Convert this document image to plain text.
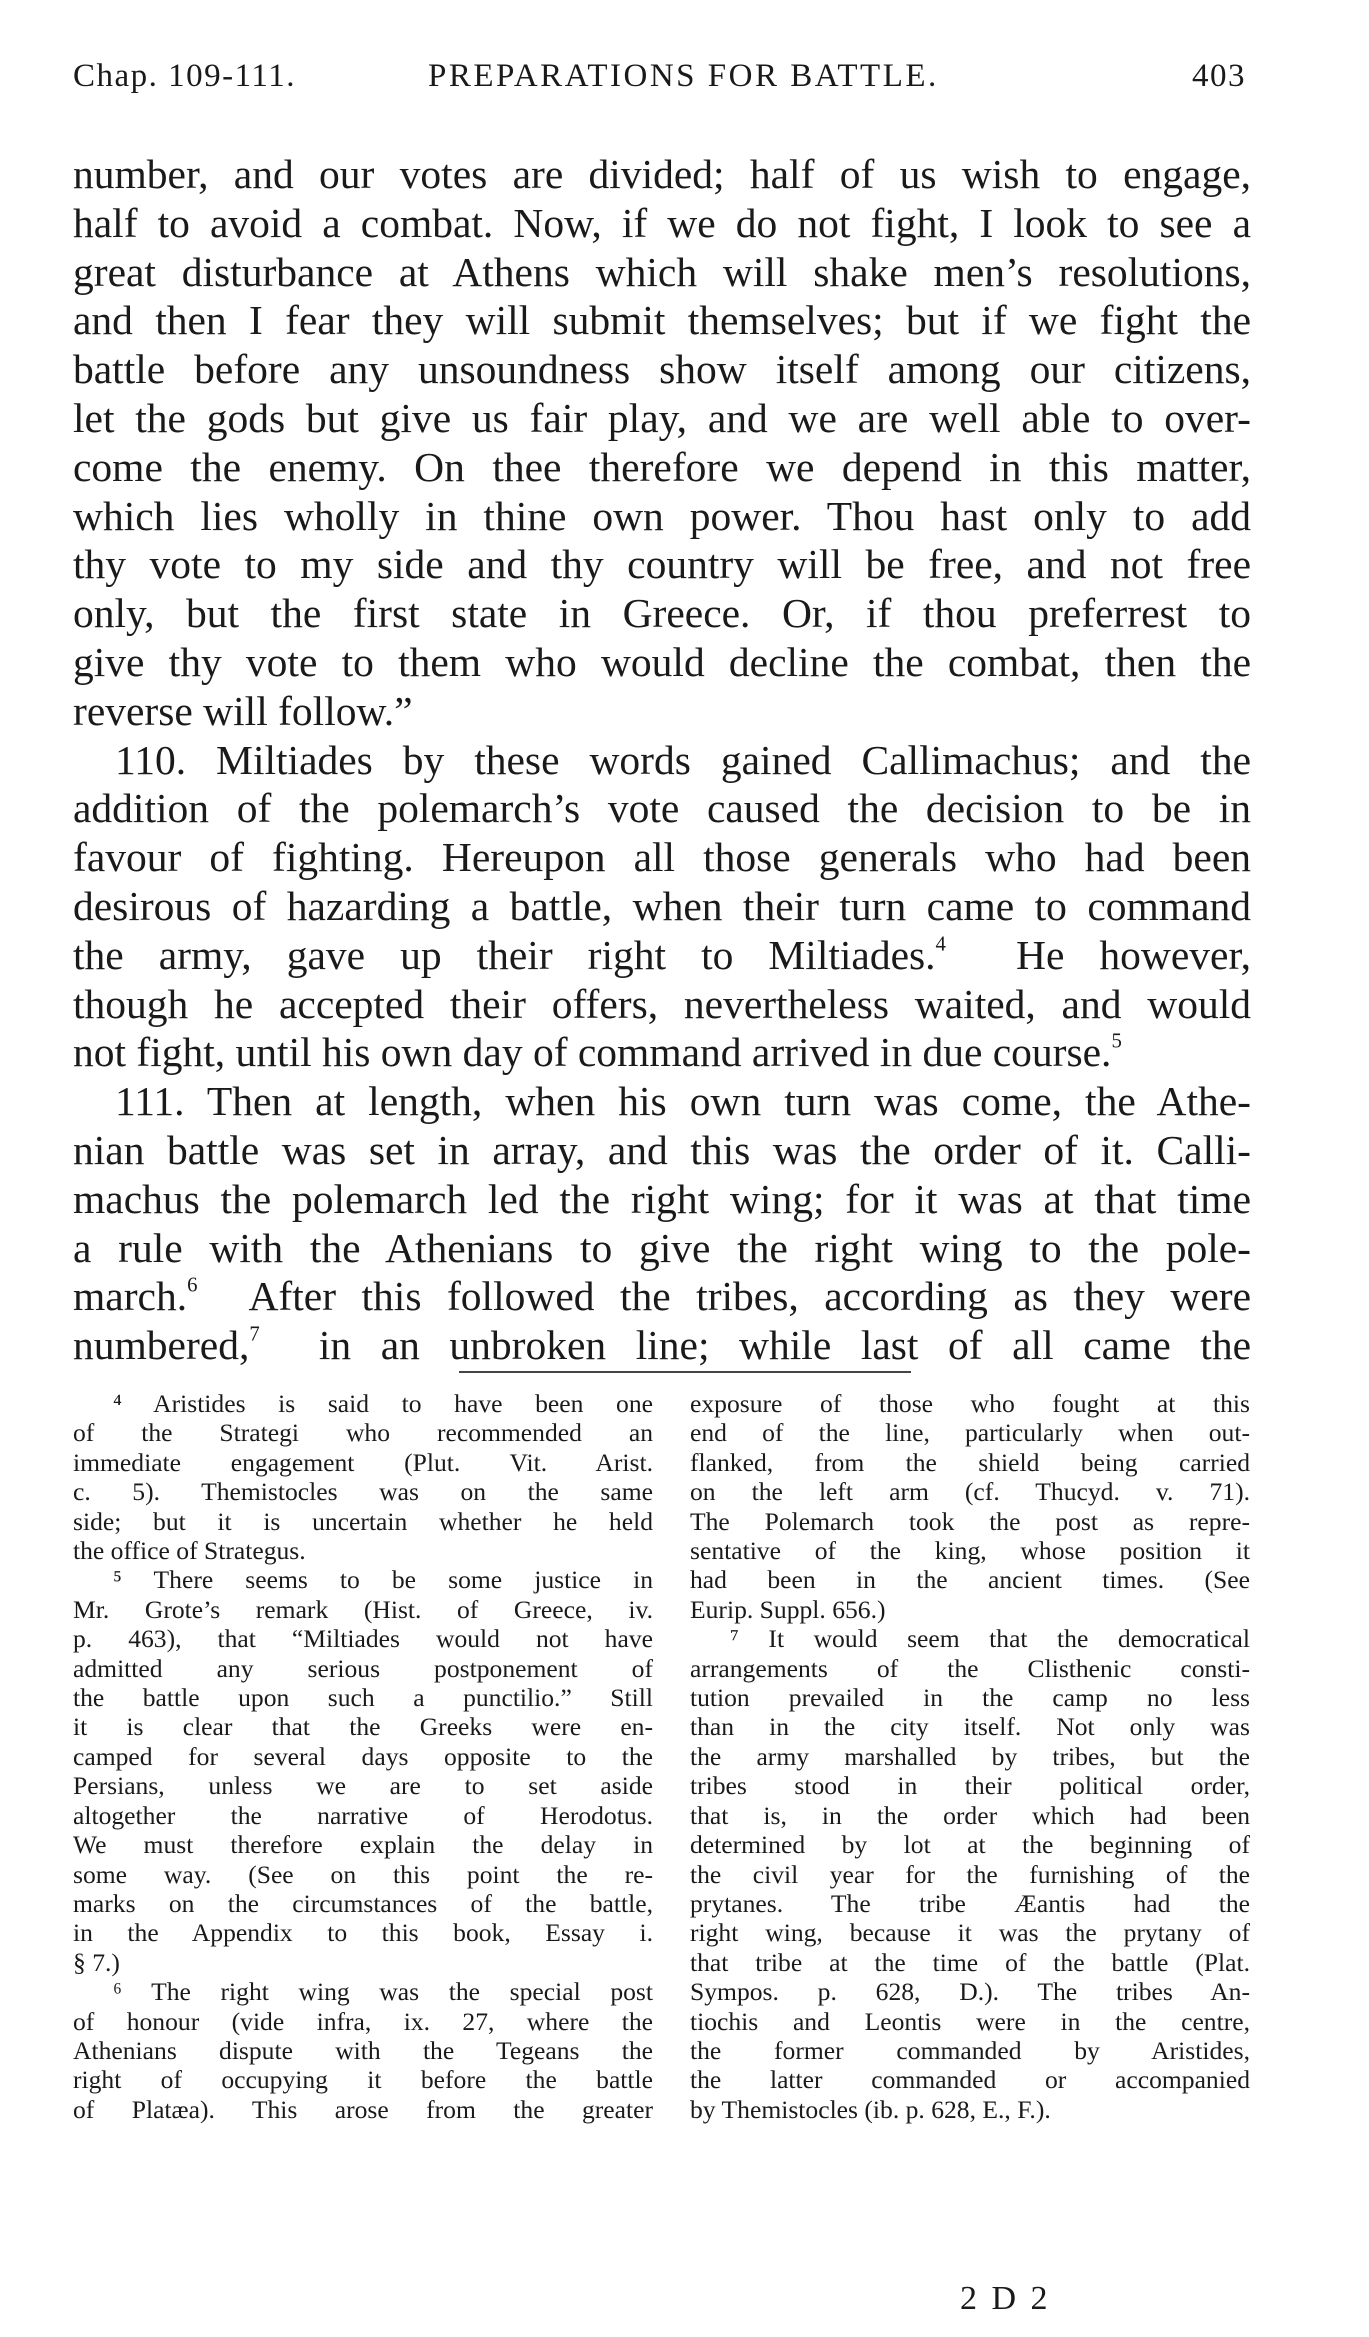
Chap. 109-111.	PREPARATIONS FOR BATTLE.	403

number, and our votes are divided; half of us wish to engage,

half to avoid a combat. Now, if we do not fight, I look to see a

great disturbance at Athens which will shake men’s resolutions,

and then I fear they will submit themselves; but if we fight the

battle before any unsoundness show itself among our citizens,

let the gods but give us fair play, and we are well able to over-

come the enemy. On thee therefore we depend in this matter,

which lies wholly in thine own power. Thou hast only to add

thy vote to my side and thy country will be free, and not free

only, but the first state in Greece. Or, if thou preferrest to

give thy vote to them who would decline the combat, then the

reverse will follow.”

110. Miltiades by these words gained Callimachus; and the

addition of the polemarch’s vote caused the decision to be in

favour of fighting. Hereupon all those generals who had been

desirous of hazarding a battle, when their turn came to command

the army, gave up their right to Miltiades.$^4$ He however,

though he accepted their offers, nevertheless waited, and would

not fight, until his own day of command arrived in due course.$^5$

111. Then at length, when his own turn was come, the Athe-

nian battle was set in array, and this was the order of it. Calli-

machus the polemarch led the right wing; for it was at that time

a rule with the Athenians to give the right wing to the pole-

march.$^6$ After this followed the tribes, according as they were

numbered,$^7$ in an unbroken line; while last of all came the

⁴ Aristides is said to have been one

of the Strategi who recommended an

immediate engagement (Plut. Vit. Arist.

c. 5). Themistocles was on the same

side; but it is uncertain whether he held

the office of Strategus.

⁵ There seems to be some justice in

Mr. Grote’s remark (Hist. of Greece, iv.

p. 463), that “Miltiades would not have

admitted any serious postponement of

the battle upon such a punctilio.” Still

it is clear that the Greeks were en-

camped for several days opposite to the

Persians, unless we are to set aside

altogether the narrative of Herodotus.

We must therefore explain the delay in

some way. (See on this point the re-

marks on the circumstances of the battle,

in the Appendix to this book, Essay i.

§ 7.)

⁶ The right wing was the special post

of honour (vide infra, ix. 27, where the

Athenians dispute with the Tegeans the

right of occupying it before the battle

of Platæa). This arose from the greater

exposure of those who fought at this

end of the line, particularly when out-

flanked, from the shield being carried

on the left arm (cf. Thucyd. v. 71).

The Polemarch took the post as repre-

sentative of the king, whose position it

had been in the ancient times. (See

Eurip. Suppl. 656.)

⁷ It would seem that the democratical

arrangements of the Clisthenic consti-

tution prevailed in the camp no less

than in the city itself. Not only was

the army marshalled by tribes, but the

tribes stood in their political order,

that is, in the order which had been

determined by lot at the beginning of

the civil year for the furnishing of the

prytanes. The tribe Æantis had the

right wing, because it was the prytany of

that tribe at the time of the battle (Plat.

Sympos. p. 628, D.). The tribes An-

tiochis and Leontis were in the centre,

the former commanded by Aristides,

the latter commanded or accompanied

by Themistocles (ib. p. 628, E., F.).

2 D 2
